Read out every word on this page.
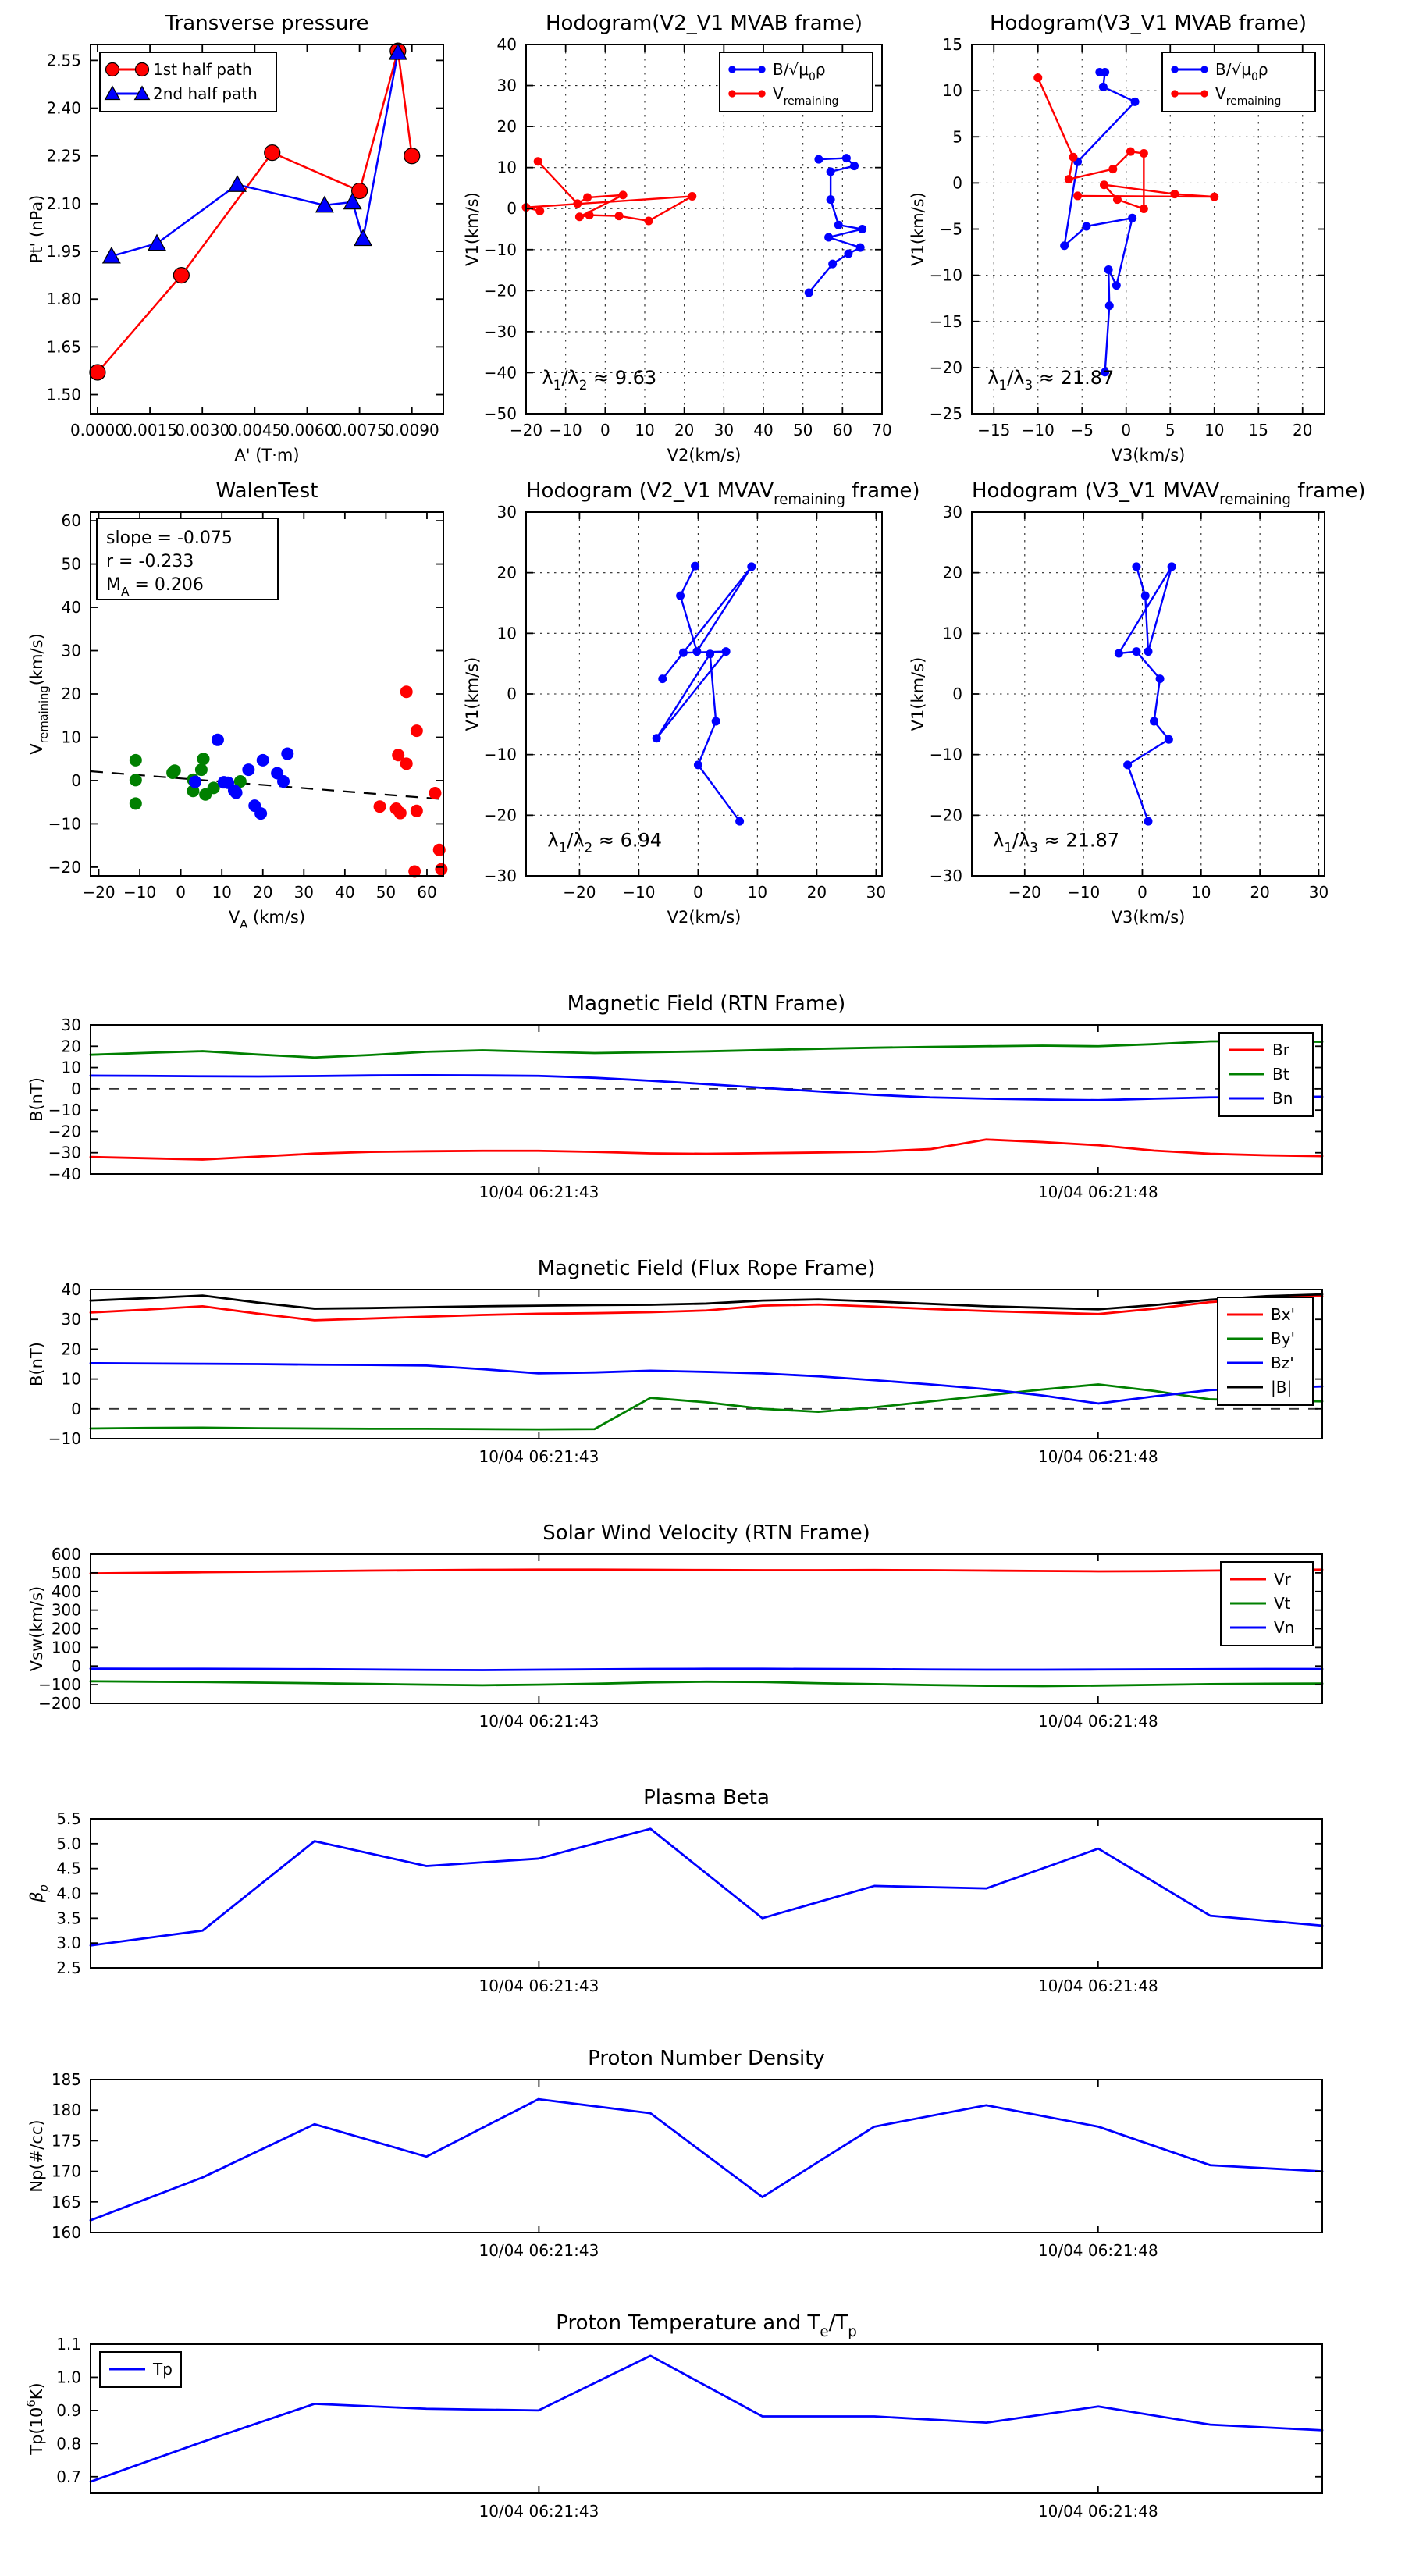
0.0000
0.0015
0.0030
0.0045
0.0060
0.0075
0.0090
1.50
1.65
1.80
1.95
2.10
2.25
2.40
2.55
A' (T·m)
Pt' (nPa)
1st half path
2nd half path
Transverse pressure
−20 −10 0 10 20 30 40 50 60 70
−50
−40
−30
−20
−10
0
10
20
30
40
V2(km/s)
V1(km/s)
$\lambda_1/\lambda_2 \approx 9.63$
$B/√\mu_0\rho$
$V_{remaining}$
Hodogram(V2_V1 MVAB frame)
−15 −10 −5 0 5 10 15 20
−25
−20
−15
−10
−5
0
5
10
15
V3(km/s)
V1(km/s)
$\lambda_1/\lambda_3 \approx 21.87$
$B/√\mu_0\rho$
$V_{remaining}$
Hodogram(V3_V1 MVAB frame)
−20 −10 0 10 20 30 40 50 60
−20
−10
0
10
20
30
40
50
60
$V_A$ (km/s)
$V_{remaining}(km/s)$
slope = -0.075
r = -0.233
$M_A = 0.206$
WalenTest
−20 −10 0	10	20	30
−30
−20
−10
0
10
20
30
V2(km/s)
V1(km/s)
$\lambda_1/\lambda_2 \approx 6.94$
Hodogram (V2_V1 $MVAV_{remaining}$ frame)
−20 −10 0	10 20 30
−30
−20
−10
0
10
20
30
V3(km/s)
V1(km/s)
$\lambda_1/\lambda_3 \approx 21.87$
Hodogram (V3_V1 $MVAV_{remaining}$ frame)
−40
−30
−20
−10
0
10
20
30
10/04 06:21:43	10/04 06:21:48
B(nT)
Br
Bt
Bn
Magnetic Field (RTN Frame)
−10
0
10
20
30
40
10/04 06:21:43	10/04 06:21:48
B(nT)
Bx'
By'
Bz'
|B|
Magnetic Field (Flux Rope Frame)
−200
−100
0
100
200
300
400
500
600
10/04 06:21:43	10/04 06:21:48
Vsw(km/s)
Vr
Vt
Vn
Solar Wind Velocity (RTN Frame)
2.5
3.0
3.5
4.0
4.5
5.0
5.5
10/04 06:21:43	10/04 06:21:48
$\beta_p$
Plasma Beta
160
165
170
175
180
185
10/04 06:21:43	10/04 06:21:48
Np(#/cc)
Proton Number Density
0.7
0.8
0.9
1.0
1.1
10/04 06:21:43	10/04 06:21:48
$Tp(10^6K)$
Tp
Proton Temperature and $T_e/T_p$
